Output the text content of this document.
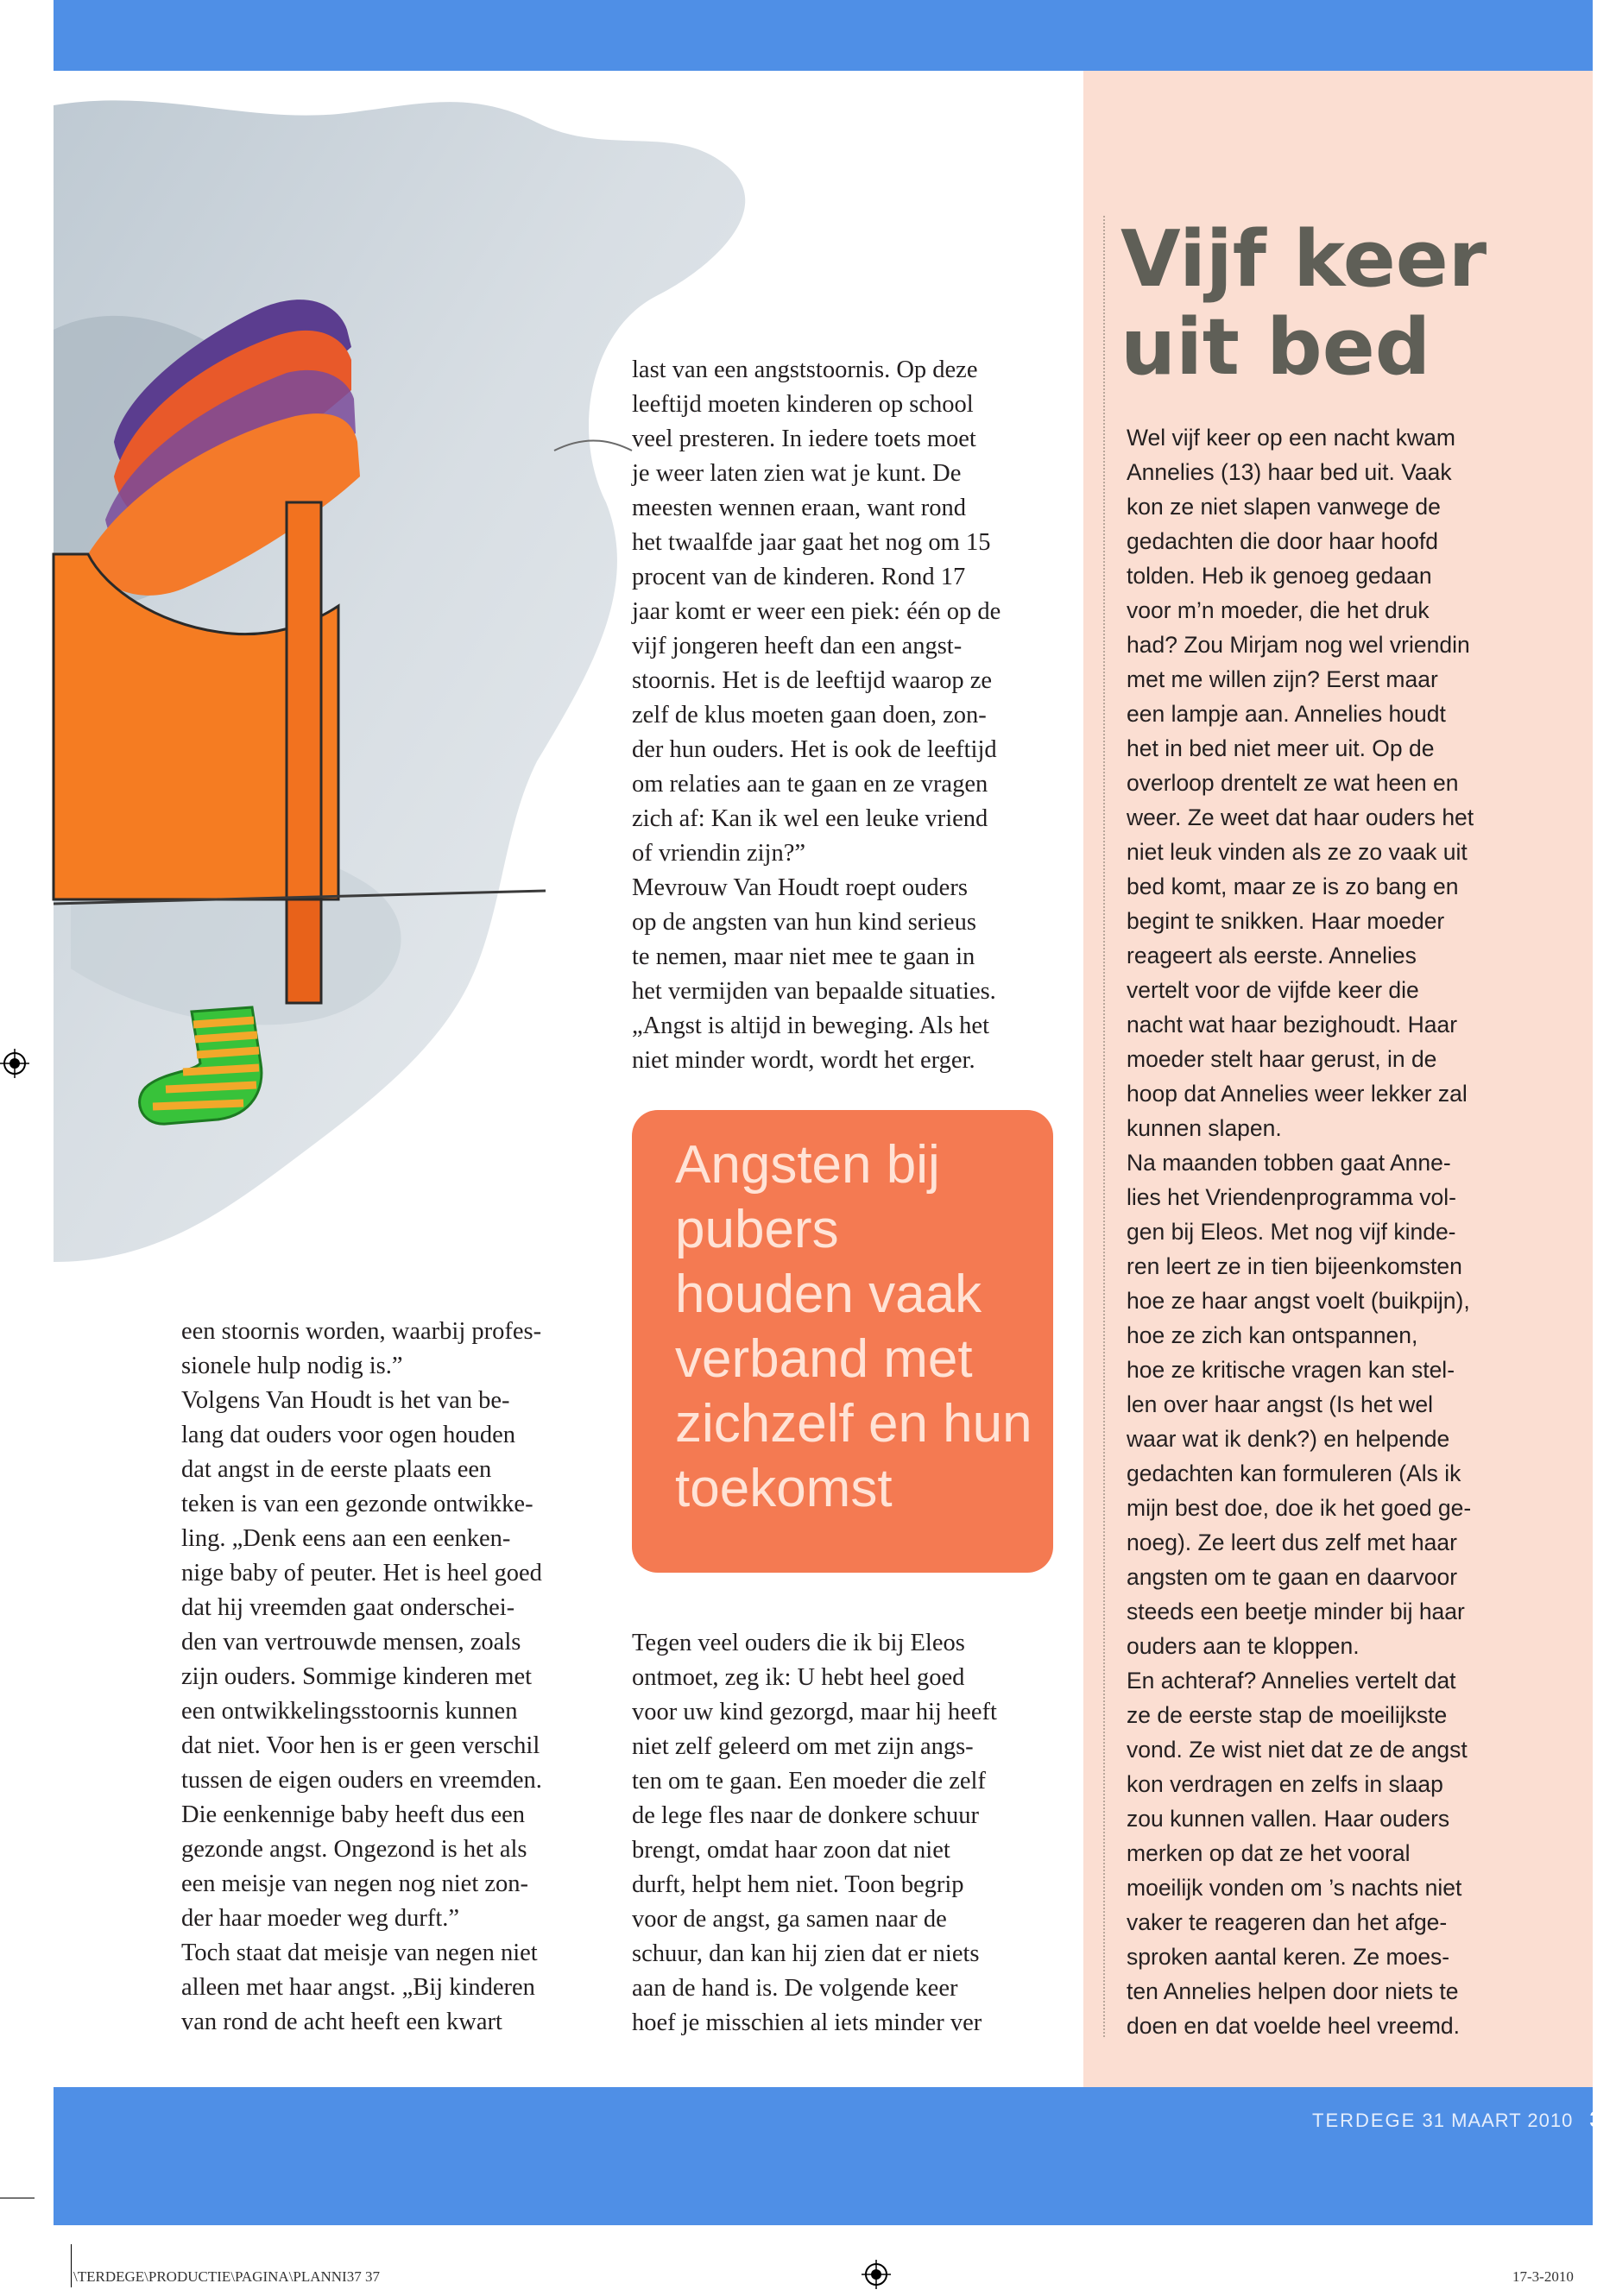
een stoornis worden, waarbij profes-
sionele hulp nodig is.”
Volgens Van Houdt is het van be-
lang dat ouders voor ogen houden
dat angst in de eerste plaats een
teken is van een gezonde ontwikke-
ling. „Denk eens aan een eenken-
nige baby of peuter. Het is heel goed
dat hij vreemden gaat onderschei-
den van vertrouwde mensen, zoals
zijn ouders. Sommige kinderen met
een ontwikkelingsstoornis kunnen
dat niet. Voor hen is er geen verschil
tussen de eigen ouders en vreemden.
Die eenkennige baby heeft dus een
gezonde angst. Ongezond is het als
een meisje van negen nog niet zon-
der haar moeder weg durft.”
Toch staat dat meisje van negen niet
alleen met haar angst. „Bij kinderen
van rond de acht heeft een kwart
last van een angststoornis. Op deze
leeftijd moeten kinderen op school
veel presteren. In iedere toets moet
je weer laten zien wat je kunt. De
meesten wennen eraan, want rond
het twaalfde jaar gaat het nog om 15
procent van de kinderen. Rond 17
jaar komt er weer een piek: één op de
vijf jongeren heeft dan een angst-
stoornis. Het is de leeftijd waarop ze
zelf de klus moeten gaan doen, zon-
der hun ouders. Het is ook de leeftijd
om relaties aan te gaan en ze vragen
zich af: Kan ik wel een leuke vriend
of vriendin zijn?”
Mevrouw Van Houdt roept ouders
op de angsten van hun kind serieus
te nemen, maar niet mee te gaan in
het vermijden van bepaalde situaties.
„Angst is altijd in beweging. Als het
niet minder wordt, wordt het erger.
Angsten bij
pubers
houden vaak
verband met
zichzelf en hun
toekomst
Tegen veel ouders die ik bij Eleos
ontmoet, zeg ik: U hebt heel goed
voor uw kind gezorgd, maar hij heeft
niet zelf geleerd om met zijn angs-
ten om te gaan. Een moeder die zelf
de lege fles naar de donkere schuur
brengt, omdat haar zoon dat niet
durft, helpt hem niet. Toon begrip
voor de angst, ga samen naar de
schuur, dan kan hij zien dat er niets
aan de hand is. De volgende keer
hoef je misschien al iets minder ver
Vijf keer
uit bed
Wel vijf keer op een nacht kwam
Annelies (13) haar bed uit. Vaak
kon ze niet slapen vanwege de
gedachten die door haar hoofd
tolden. Heb ik genoeg gedaan
voor m’n moeder, die het druk
had? Zou Mirjam nog wel vriendin
met me willen zijn? Eerst maar
een lampje aan. Annelies houdt
het in bed niet meer uit. Op de
overloop drentelt ze wat heen en
weer. Ze weet dat haar ouders het
niet leuk vinden als ze zo vaak uit
bed komt, maar ze is zo bang en
begint te snikken. Haar moeder
reageert als eerste. Annelies
vertelt voor de vijfde keer die
nacht wat haar bezighoudt. Haar
moeder stelt haar gerust, in de
hoop dat Annelies weer lekker zal
kunnen slapen.
Na maanden tobben gaat Anne-
lies het Vriendenprogramma vol-
gen bij Eleos. Met nog vijf kinde-
ren leert ze in tien bijeenkomsten
hoe ze haar angst voelt (buikpijn),
hoe ze zich kan ontspannen,
hoe ze kritische vragen kan stel-
len over haar angst (Is het wel
waar wat ik denk?) en helpende
gedachten kan formuleren (Als ik
mijn best doe, doe ik het goed ge-
noeg). Ze leert dus zelf met haar
angsten om te gaan en daarvoor
steeds een beetje minder bij haar
ouders aan te kloppen.
En achteraf? Annelies vertelt dat
ze de eerste stap de moeilijkste
vond. Ze wist niet dat ze de angst
kon verdragen en zelfs in slaap
zou kunnen vallen. Haar ouders
merken op dat ze het vooral
moeilijk vonden om ’s nachts niet
vaker te reageren dan het afge-
sproken aantal keren. Ze moes-
ten Annelies helpen door niets te
doen en dat voelde heel vreemd.
TERDEGE 31 MAART 2010 37
\TERDEGE\PRODUCTIE\PAGINA\PLANNI37 37	17-3-2010
